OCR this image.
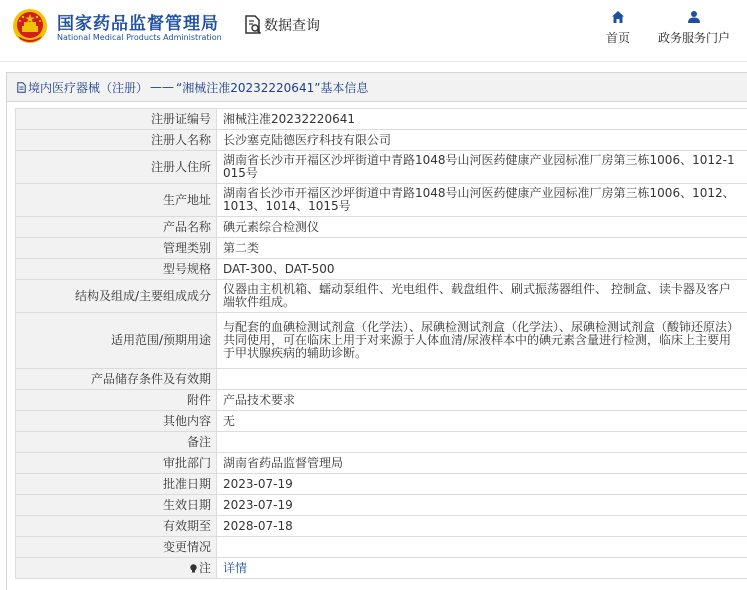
国家药品监督管理局
National Medical Products Administration
数据查询
首页 政务服务门户
境内医疗器械（注册） —— “湘械注准20232220641”基本信息
注册证编号	湘械注准20232220641
注册人名称	长沙塞克陆德医疗科技有限公司
注册人住所	湖南省长沙市开福区沙坪街道中青路1048号山河医药健康产业园标准厂房第三栋1006、1012-1015号
生产地址	湖南省长沙市开福区沙坪街道中青路1048号山河医药健康产业园标准厂房第三栋1006、1012、1013、1014、1015号
产品名称	碘元素综合检测仪
管理类别	第二类
型号规格	DAT-300、DAT-500
结构及组成/主要组成成分	仪器由主机机箱、蠕动泵组件、光电组件、载盘组件、刷式振荡器组件、 控制盒、读卡器及客户端软件组成。
适用范围/预期用途	与配套的血碘检测试剂盒（化学法）、尿碘检测试剂盒（化学法）、尿碘检测试剂盒（酸铈还原法）共同使用，可在临床上用于对来源于人体血清/尿液样本中的碘元素含量进行检测，临床上主要用于甲状腺疾病的辅助诊断。
产品储存条件及有效期	
附件	产品技术要求
其他内容	无
备注	
审批部门	湖南省药品监督管理局
批准日期	2023-07-19
生效日期	2023-07-19
有效期至	2028-07-18
变更情况	
注	详情
